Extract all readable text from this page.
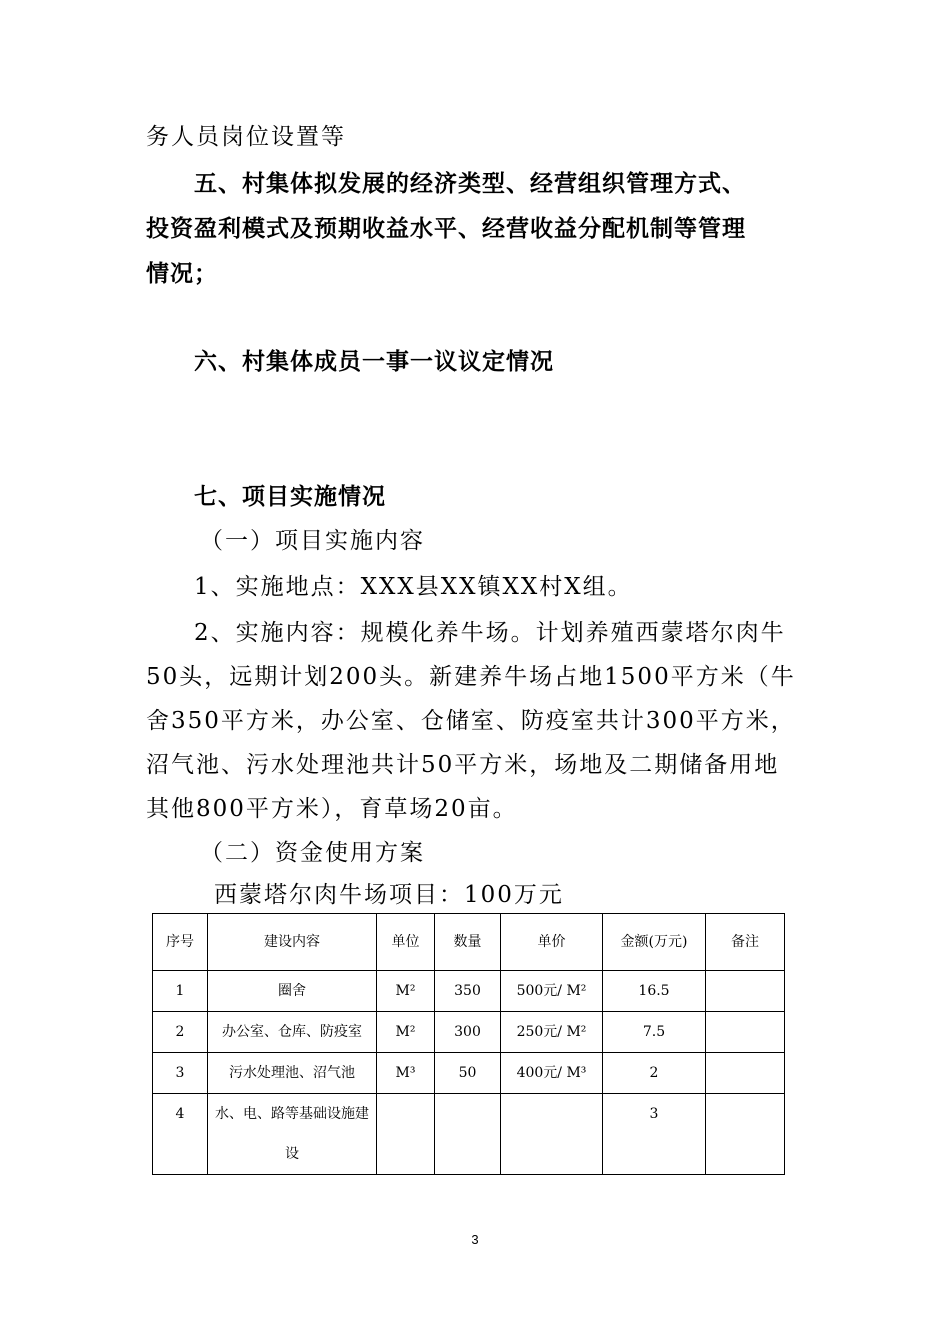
务人员岗位设置等
五、村集体拟发展的经济类型、经营组织管理方式、
投资盈利模式及预期收益水平、经营收益分配机制等管理
情况；
六、村集体成员一事一议议定情况
七、项目实施情况
（一）项目实施内容
1、实施地点：XXX县XX镇XX村X组。
2、实施内容：规模化养牛场。计划养殖西蒙塔尔肉牛
50头，远期计划200头。新建养牛场占地1500平方米（牛
舍350平方米，办公室、仓储室、防疫室共计300平方米，
沼气池、污水处理池共计50平方米，场地及二期储备用地
其他800平方米），育草场20亩。
（二）资金使用方案
西蒙塔尔肉牛场项目：100万元
序号	建设内容	单位	数量	单价	金额(万元)	备注
1	圈舍	M²	350	500元/ M²	16.5	
2	办公室、仓库、防疫室	M²	300	250元/ M²	7.5	
3	污水处理池、沼气池	M³	50	400元/ M³	2	
4	水、电、路等基础设施建设				3	
3
